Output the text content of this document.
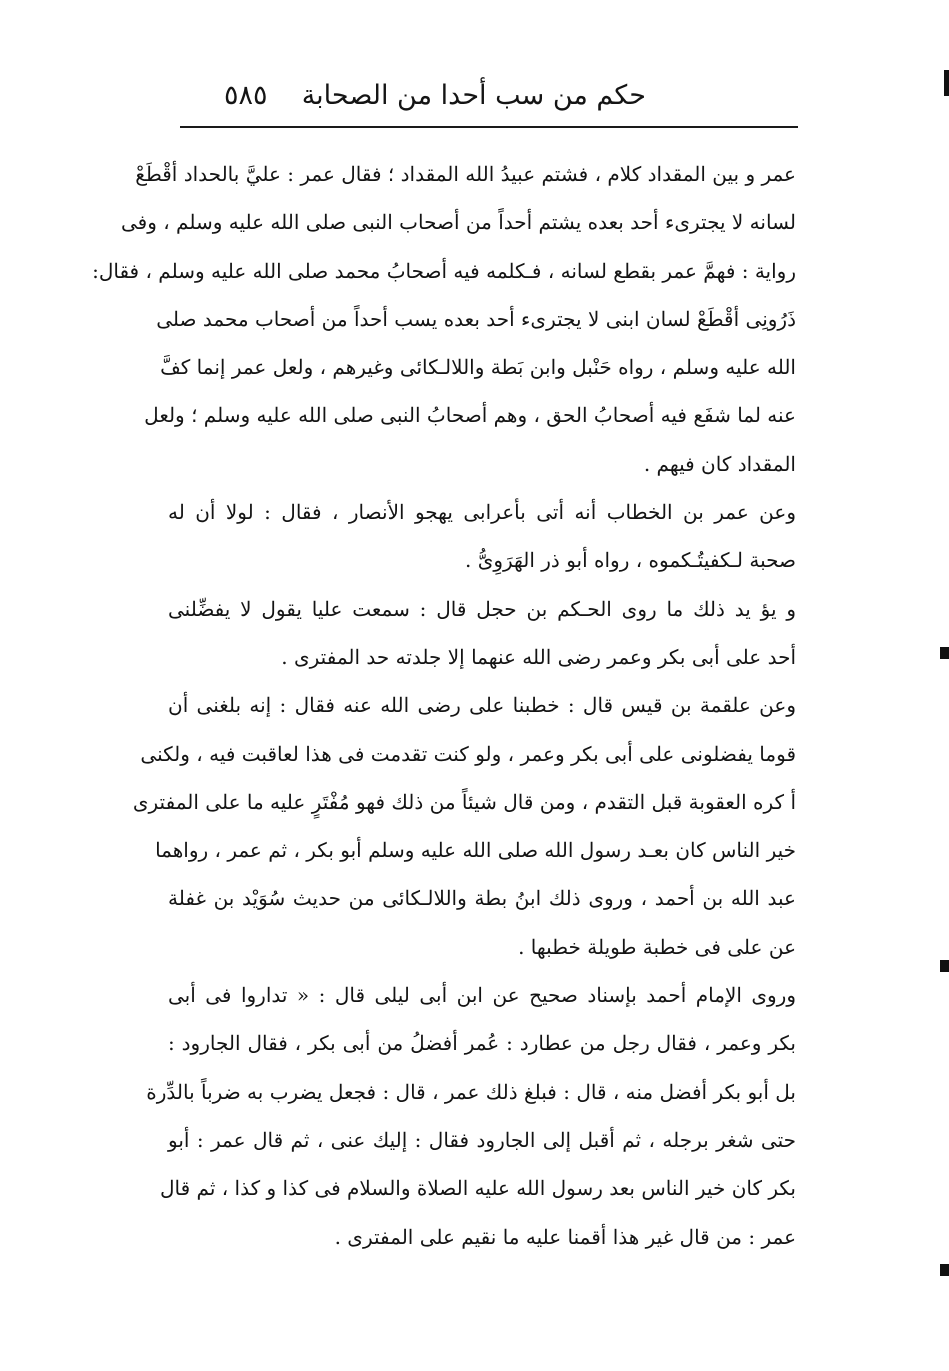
حكم من سب أحدا من الصحابة
٥٨٥
عمر و بين المقداد كلام ، فشتم عبيدُ الله المقداد ؛ فقال عمر : عليَّ بالحداد أقْطَعْ
لسانه لا يجترىء أحد بعده يشتم أحداً من أصحاب النبى صلى الله عليه وسلم ، وفى
رواية : فهمَّ عمر بقطع لسانه ، فـكلمه فيه أصحابُ محمد صلى الله عليه وسلم ، فقال:
ذَرُونِى أقْطَعْ لسان ابنى لا يجترىء أحد بعده يسب أحداً من أصحاب محمد صلى
الله عليه وسلم ، رواه حَنْبل وابن بَطة واللالـكائى وغيرهم ، ولعل عمر إنما كفَّ
عنه لما شفَع فيه أصحابُ الحق ، وهم أصحابُ النبى صلى الله عليه وسلم ؛ ولعل
المقداد كان فيهم .
وعن عمر بن الخطاب أنه أتى بأعرابى يهجو الأنصار ، فقال : لولا أن له
صحبة لـكفيتُـكموه ، رواه أبو ذر الهَرَوِىُّ .
و يؤ يد ذلك ما روى الحـكم بن حجل قال : سمعت عليا يقول لا يفضِّلنى
أحد على أبى بكر وعمر رضى الله عنهما إلا جلدته حد المفترى .
وعن علقمة بن قيس قال : خطبنا على رضى الله عنه فقال : إنه بلغنى أن
قوما يفضلونى على أبى بكر وعمر ، ولو كنت تقدمت فى هذا لعاقبت فيه ، ولكنى
أ كره العقوبة قبل التقدم ، ومن قال شيئاً من ذلك فهو مُفْتَرٍ عليه ما على المفترى
خير الناس كان بعـد رسول الله صلى الله عليه وسلم أبو بكر ، ثم عمر ، رواهما
عبد الله بن أحمد ، وروى ذلك ابنُ بطة واللالـكائى من حديث سُوَيْد بن غفلة
عن على فى خطبة طويلة خطبها .
وروى الإمام أحمد بإسناد صحيح عن ابن أبى ليلى قال : « تداروا فى أبى
بكر وعمر ، فقال رجل من عطارد : عُمر أفضلُ من أبى بكر ، فقال الجارود :
بل أبو بكر أفضل منه ، قال : فبلغ ذلك عمر ، قال : فجعل يضرب به ضرباً بالدِّرة
حتى شغر برجله ، ثم أقبل إلى الجارود فقال : إليك عنى ، ثم قال عمر : أبو
بكر كان خير الناس بعد رسول الله عليه الصلاة والسلام فى كذا و كذا ، ثم قال
عمر : من قال غير هذا أقمنا عليه ما نقيم على المفترى .
